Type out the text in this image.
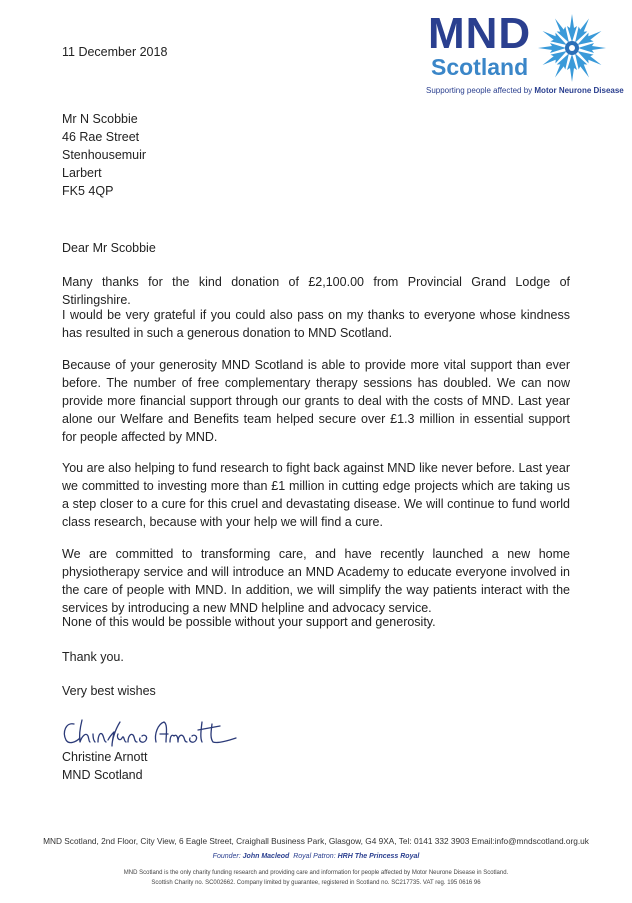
MND
Scotland
Supporting people affected by Motor Neurone Disease
11 December 2018
Mr N Scobbie
46 Rae Street
Stenhousemuir
Larbert
FK5 4QP
Dear Mr Scobbie
Many thanks for the kind donation of £2,100.00 from Provincial Grand Lodge of Stirlingshire.
I would be very grateful if you could also pass on my thanks to everyone whose kindness has resulted in such a generous donation to MND Scotland.
Because of your generosity MND Scotland is able to provide more vital support than ever before. The number of free complementary therapy sessions has doubled. We can now provide more financial support through our grants to deal with the costs of MND. Last year alone our Welfare and Benefits team helped secure over £1.3 million in essential support for people affected by MND.
You are also helping to fund research to fight back against MND like never before. Last year we committed to investing more than £1 million in cutting edge projects which are taking us a step closer to a cure for this cruel and devastating disease. We will continue to fund world class research, because with your help we will find a cure.
We are committed to transforming care, and have recently launched a new home physiotherapy service and will introduce an MND Academy to educate everyone involved in the care of people with MND. In addition, we will simplify the way patients interact with the services by introducing a new MND helpline and advocacy service.
None of this would be possible without your support and generosity.
Thank you.
Very best wishes
Christine Arnott
Christine Arnott
MND Scotland
MND Scotland, 2nd Floor, City View, 6 Eagle Street, Craighall Business Park, Glasgow, G4 9XA, Tel: 0141 332 3903 Email:info@mndscotland.org.uk
Founder: John Macleod Royal Patron: HRH The Princess Royal
MND Scotland is the only charity funding research and providing care and information for people affected by Motor Neurone Disease in Scotland.
Scottish Charity no. SC002662. Company limited by guarantee, registered in Scotland no. SC217735. VAT reg. 195 0616 96
